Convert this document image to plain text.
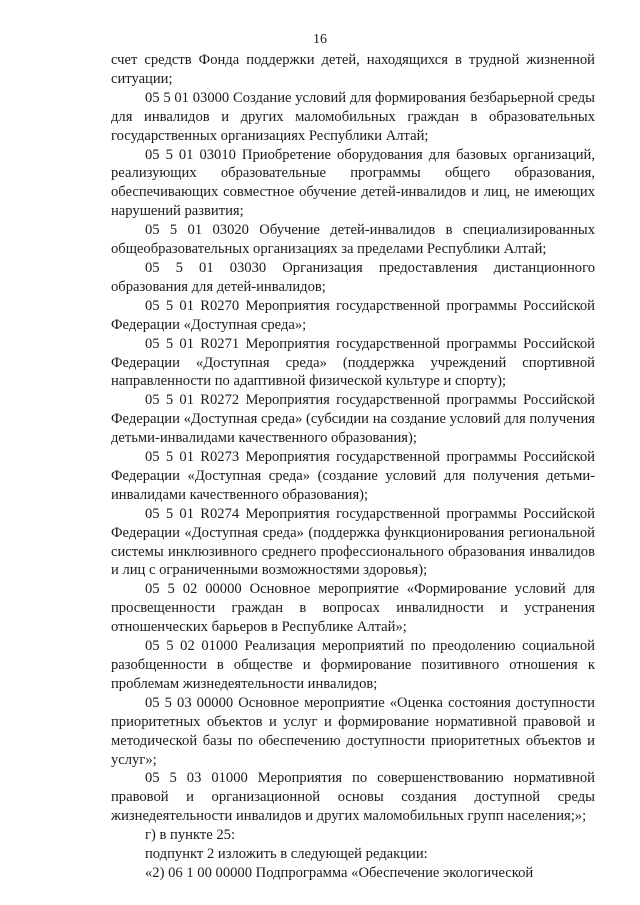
16

счет средств Фонда поддержки детей, находящихся в трудной жизненной ситуации;

05 5 01 03000 Создание условий для формирования безбарьерной среды для инвалидов и других маломобильных граждан в образовательных государственных организациях Республики Алтай;

05 5 01 03010 Приобретение оборудования для базовых организаций, реализующих образовательные программы общего образования, обеспечивающих совместное обучение детей-инвалидов и лиц, не имеющих нарушений развития;

05 5 01 03020 Обучение детей-инвалидов в специализированных общеобразовательных организациях за пределами Республики Алтай;

05 5 01 03030 Организация предоставления дистанционного образования для детей-инвалидов;

05 5 01 R0270 Мероприятия государственной программы Российской Федерации «Доступная среда»;

05 5 01 R0271 Мероприятия государственной программы Российской Федерации «Доступная среда» (поддержка учреждений спортивной направленности по адаптивной физической культуре и спорту);

05 5 01 R0272 Мероприятия государственной программы Российской Федерации «Доступная среда» (субсидии на создание условий для получения детьми-инвалидами качественного образования);

05 5 01 R0273 Мероприятия государственной программы Российской Федерации «Доступная среда» (создание условий для получения детьми-инвалидами качественного образования);

05 5 01 R0274 Мероприятия государственной программы Российской Федерации «Доступная среда» (поддержка функционирования региональной системы инклюзивного среднего профессионального образования инвалидов и лиц с ограниченными возможностями здоровья);

05 5 02 00000 Основное мероприятие «Формирование условий для просвещенности граждан в вопросах инвалидности и устранения отношенческих барьеров в Республике Алтай»;

05 5 02 01000 Реализация мероприятий по преодолению социальной разобщенности в обществе и формирование позитивного отношения к проблемам жизнедеятельности инвалидов;

05 5 03 00000 Основное мероприятие «Оценка состояния доступности приоритетных объектов и услуг и формирование нормативной правовой и методической базы по обеспечению доступности приоритетных объектов и услуг»;

05 5 03 01000 Мероприятия по совершенствованию нормативной правовой и организационной основы создания доступной среды жизнедеятельности инвалидов и других маломобильных групп населения;»;

г) в пункте 25:

подпункт 2 изложить в следующей редакции:

«2) 06 1 00 00000 Подпрограмма «Обеспечение экологической
